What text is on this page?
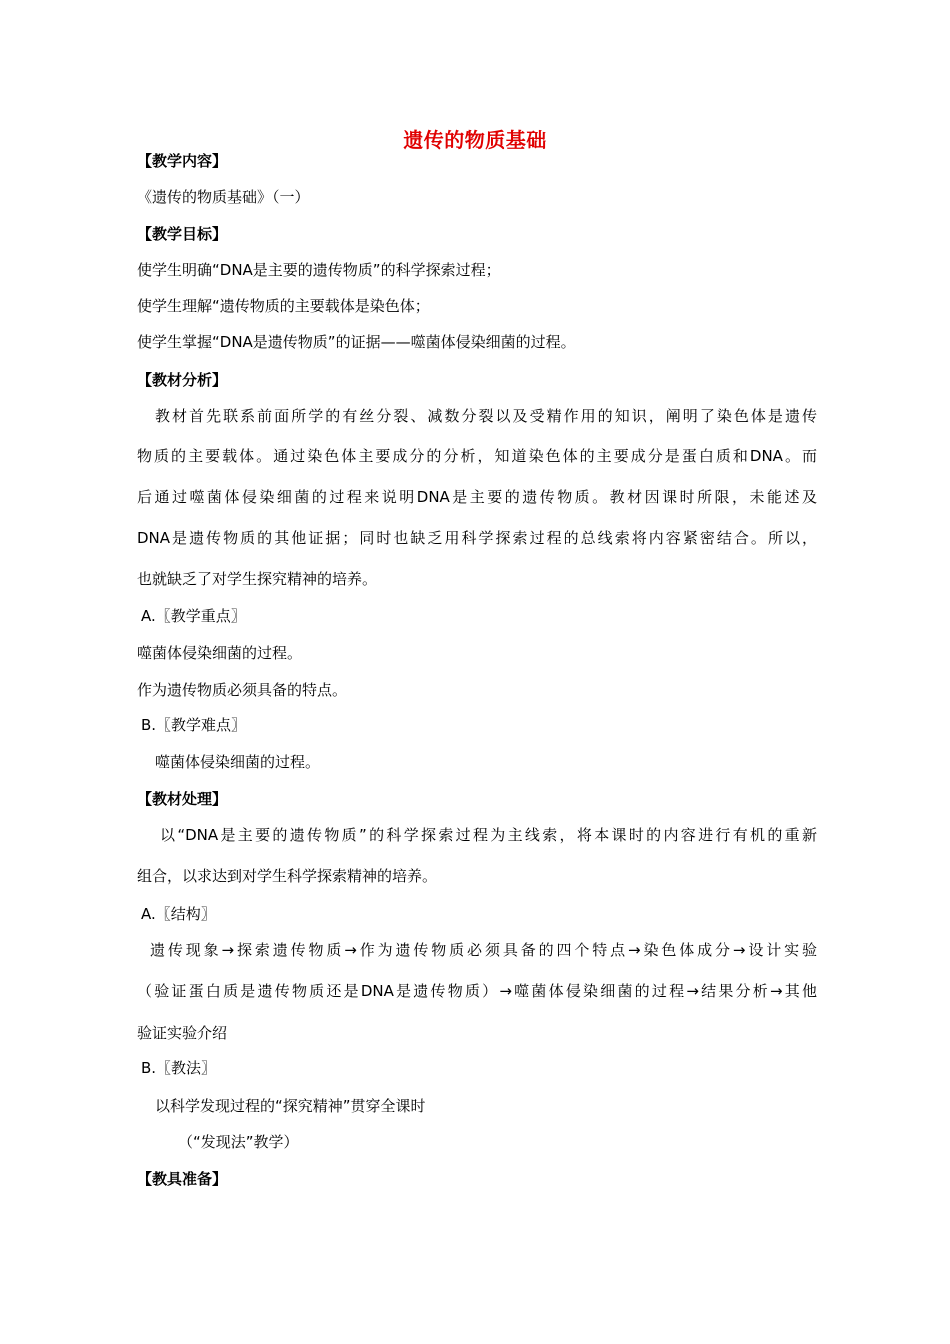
遗传的物质基础
【教学内容】
《遗传的物质基础》（一）
【教学目标】
使学生明确“DNA是主要的遗传物质”的科学探索过程；
使学生理解“遗传物质的主要载体是染色体；
使学生掌握“DNA是遗传物质”的证据——噬菌体侵染细菌的过程。
【教材分析】
教材首先联系前面所学的有丝分裂、减数分裂以及受精作用的知识，阐明了染色体是遗传
物质的主要载体。通过染色体主要成分的分析，知道染色体的主要成分是蛋白质和DNA。而
后通过噬菌体侵染细菌的过程来说明DNA是主要的遗传物质。教材因课时所限，未能述及
DNA是遗传物质的其他证据；同时也缺乏用科学探索过程的总线索将内容紧密结合。所以，
也就缺乏了对学生探究精神的培养。
A.〖教学重点〗
噬菌体侵染细菌的过程。
作为遗传物质必须具备的特点。
B.〖教学难点〗
噬菌体侵染细菌的过程。
【教材处理】
以“DNA是主要的遗传物质”的科学探索过程为主线索，将本课时的内容进行有机的重新
组合，以求达到对学生科学探索精神的培养。
A.〖结构〗
遗传现象→探索遗传物质→作为遗传物质必须具备的四个特点→染色体成分→设计实验
（验证蛋白质是遗传物质还是DNA是遗传物质）→噬菌体侵染细菌的过程→结果分析→其他
验证实验介绍
B.〖教法〗
以科学发现过程的“探究精神”贯穿全课时
（“发现法”教学）
【教具准备】
